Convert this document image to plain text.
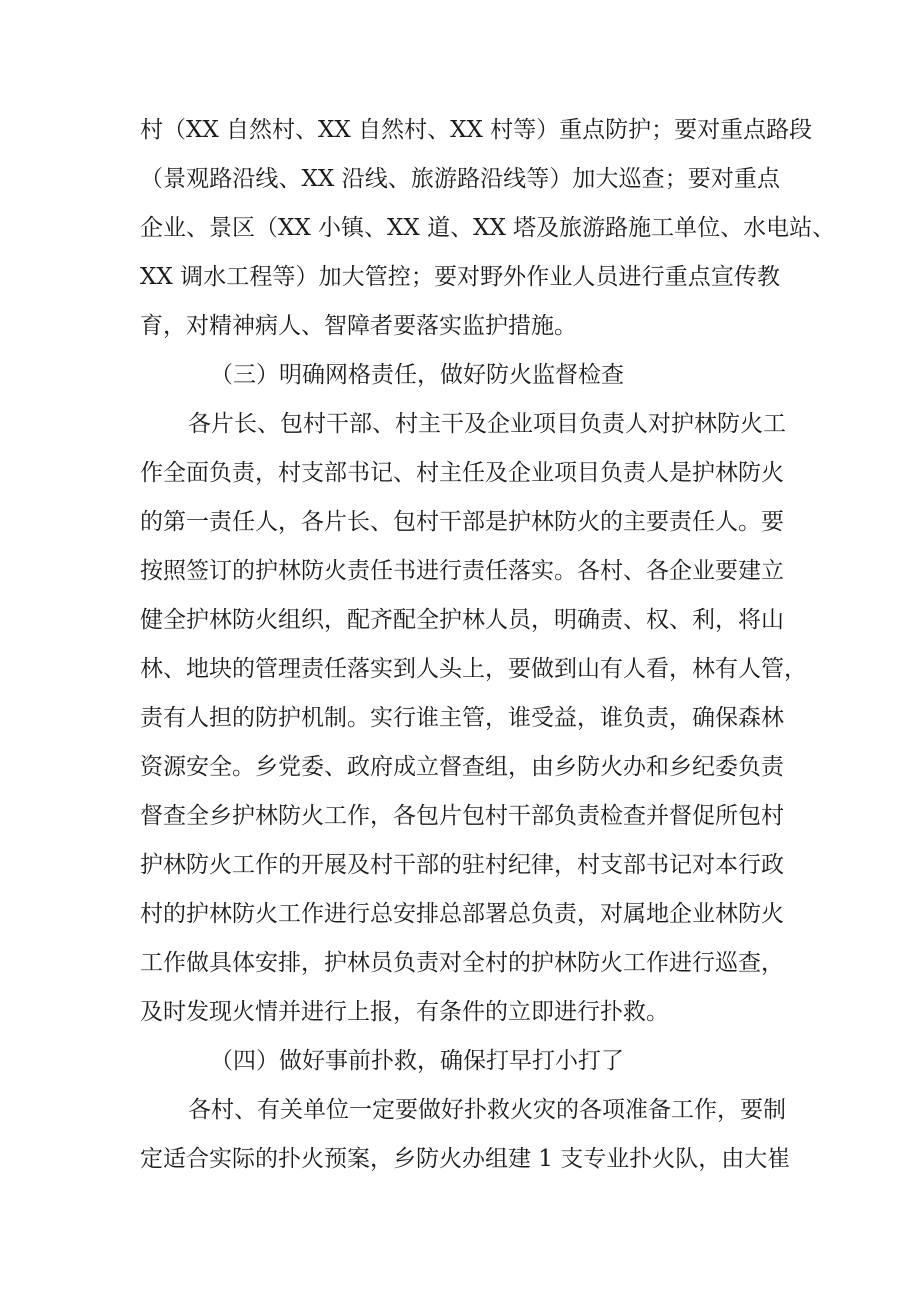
村（XX 自然村、XX 自然村、XX 村等）重点防护；要对重点路段
（景观路沿线、XX 沿线、旅游路沿线等）加大巡查；要对重点
企业、景区（XX 小镇、XX 道、XX 塔及旅游路施工单位、水电站、
XX 调水工程等）加大管控；要对野外作业人员进行重点宣传教
育，对精神病人、智障者要落实监护措施。
（三）明确网格责任，做好防火监督检查
各片长、包村干部、村主干及企业项目负责人对护林防火工
作全面负责，村支部书记、村主任及企业项目负责人是护林防火
的第一责任人，各片长、包村干部是护林防火的主要责任人。要
按照签订的护林防火责任书进行责任落实。各村、各企业要建立
健全护林防火组织，配齐配全护林人员，明确责、权、利，将山
林、地块的管理责任落实到人头上，要做到山有人看，林有人管，
责有人担的防护机制。实行谁主管，谁受益，谁负责，确保森林
资源安全。乡党委、政府成立督查组，由乡防火办和乡纪委负责
督查全乡护林防火工作，各包片包村干部负责检查并督促所包村
护林防火工作的开展及村干部的驻村纪律，村支部书记对本行政
村的护林防火工作进行总安排总部署总负责，对属地企业林防火
工作做具体安排，护林员负责对全村的护林防火工作进行巡查，
及时发现火情并进行上报，有条件的立即进行扑救。
（四）做好事前扑救，确保打早打小打了
各村、有关单位一定要做好扑救火灾的各项准备工作，要制
定适合实际的扑火预案，乡防火办组建 1 支专业扑火队，由大崔
